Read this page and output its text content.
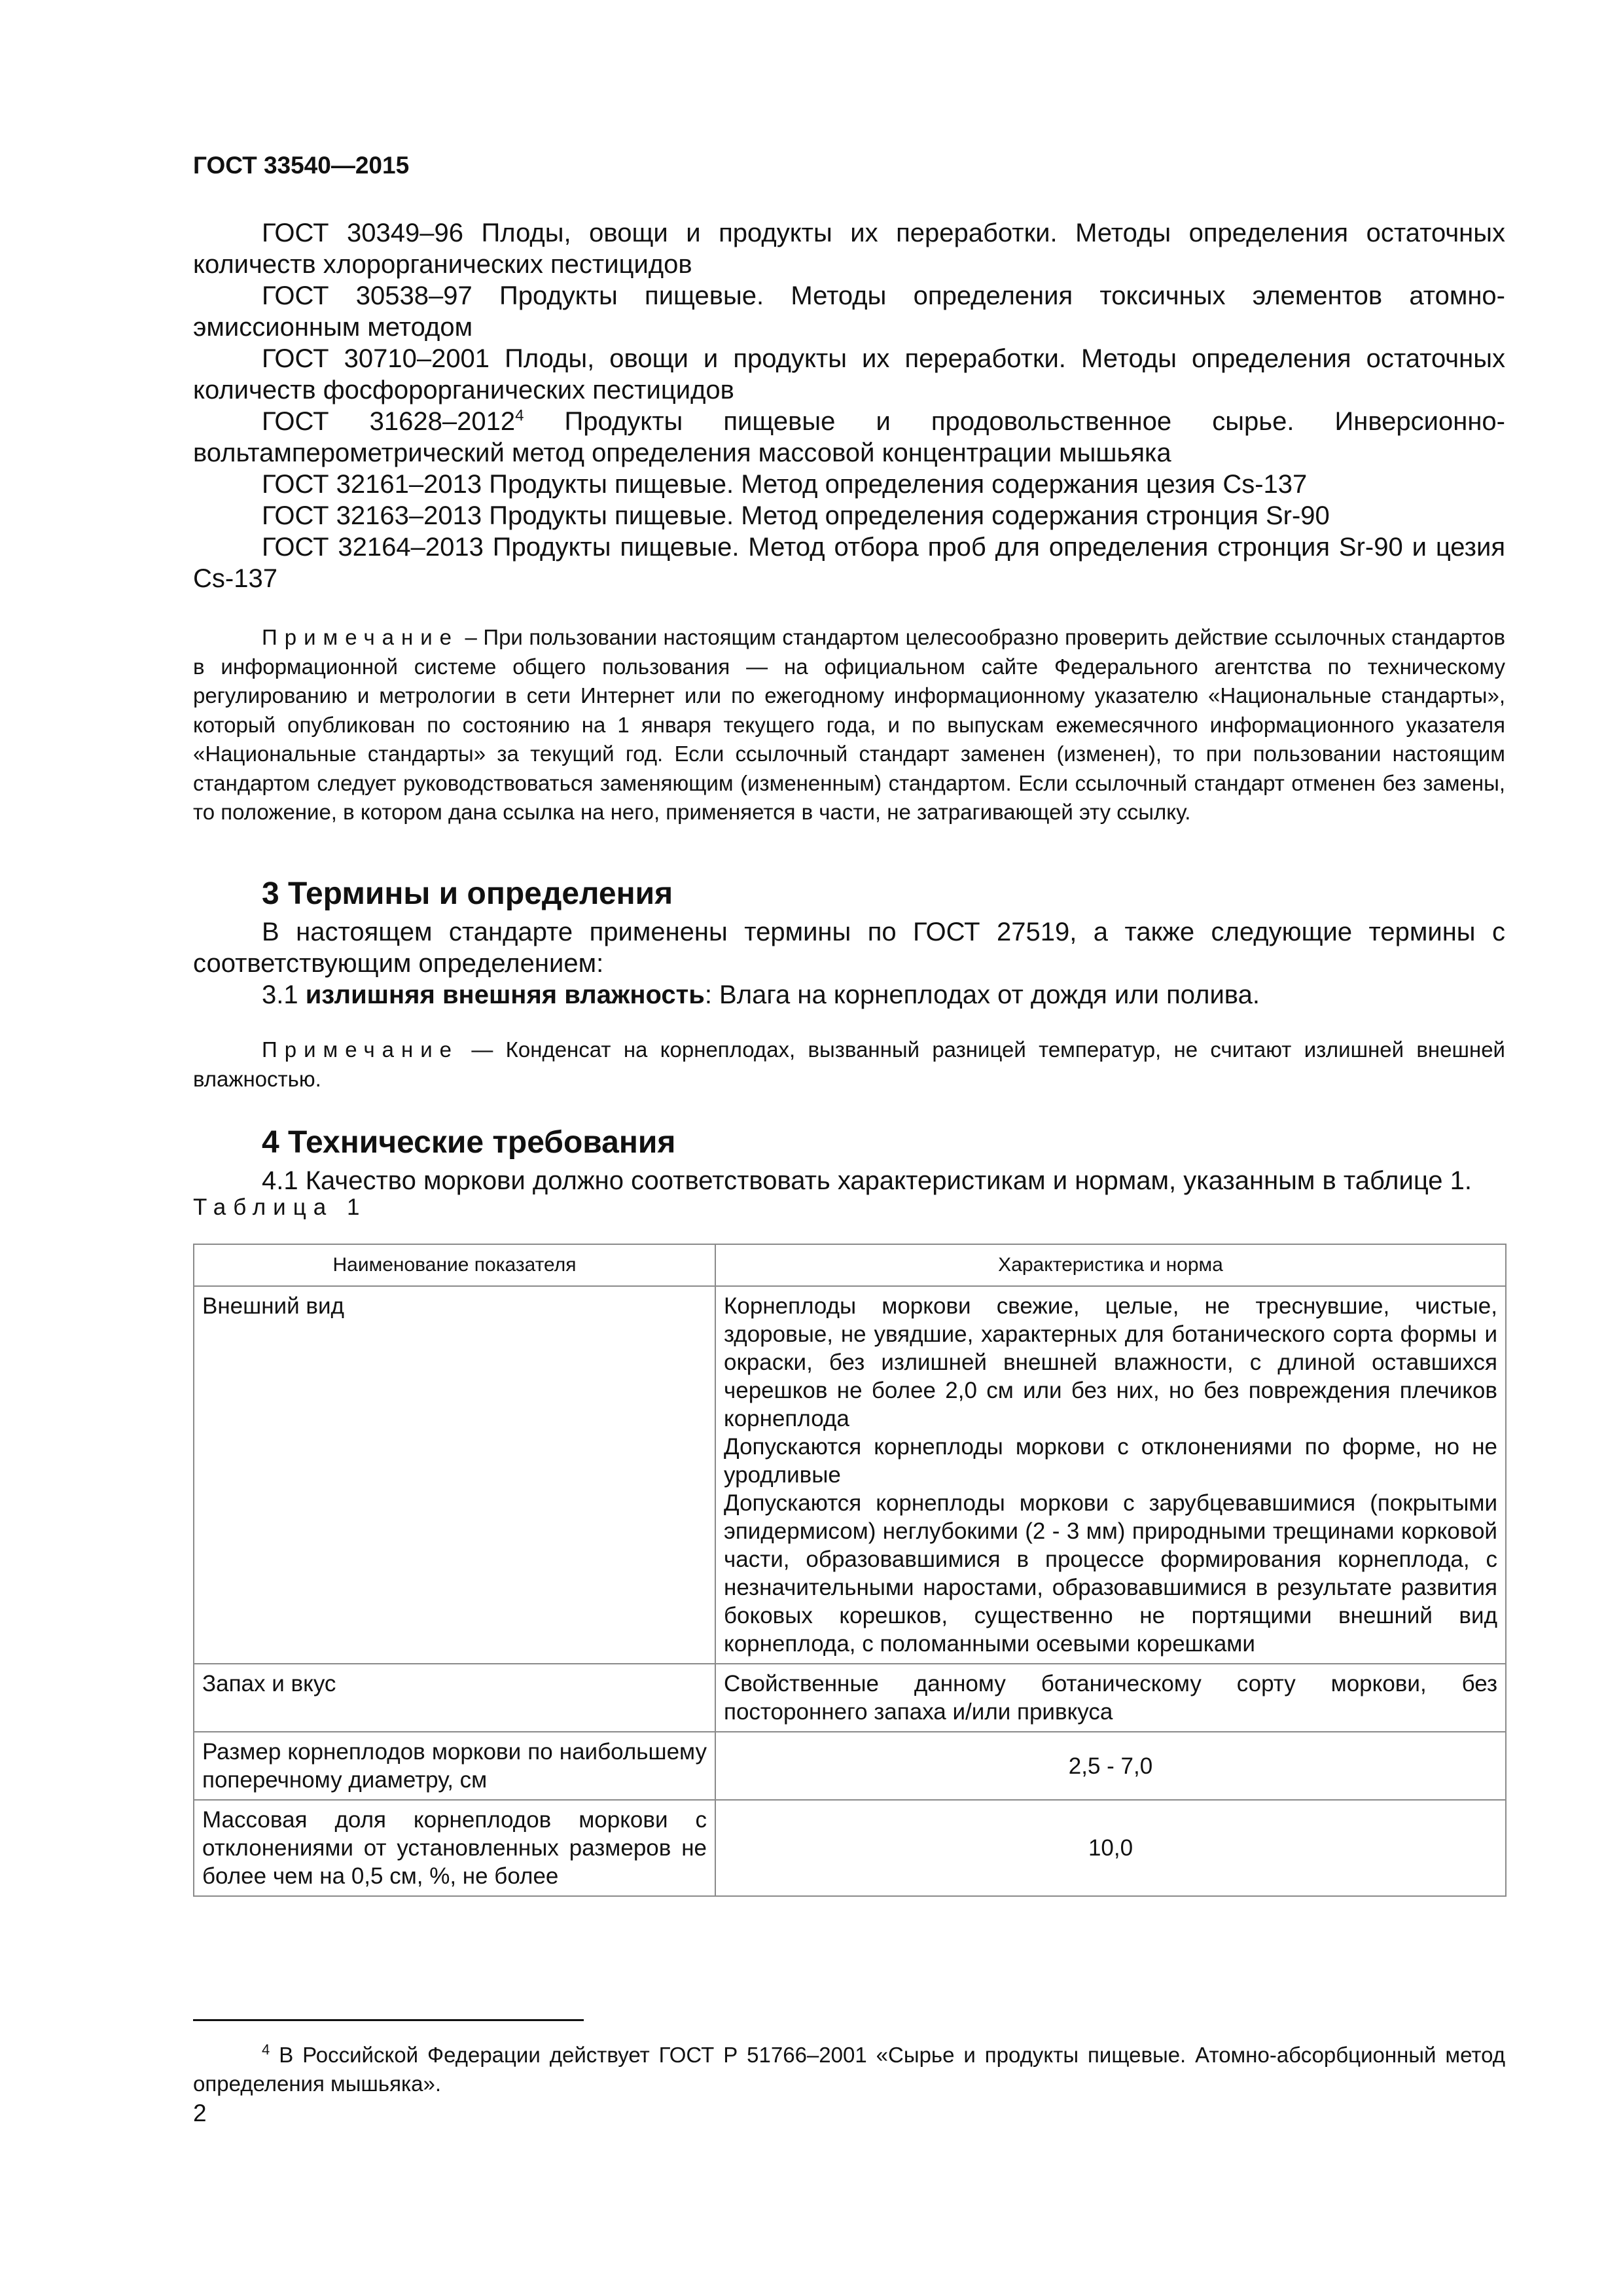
ГОСТ 33540—2015

ГОСТ 30349–96 Плоды, овощи и продукты их переработки. Методы определения остаточных количеств хлорорганических пестицидов

ГОСТ 30538–97 Продукты пищевые. Методы определения токсичных элементов атомно-эмиссионным методом

ГОСТ 30710–2001 Плоды, овощи и продукты их переработки. Методы определения остаточных количеств фосфорорганических пестицидов

ГОСТ 31628–2012$^4$ Продукты пищевые и продовольственное сырье. Инверсионно-вольтамперометрический метод определения массовой концентрации мышьяка

ГОСТ 32161–2013 Продукты пищевые. Метод определения содержания цезия Cs-137

ГОСТ 32163–2013 Продукты пищевые. Метод определения содержания стронция Sr-90

ГОСТ 32164–2013 Продукты пищевые. Метод отбора проб для определения стронция Sr-90 и цезия Cs-137

Примечание – При пользовании настоящим стандартом целесообразно проверить действие ссылочных стандартов в информационной системе общего пользования — на официальном сайте Федерального агентства по техническому регулированию и метрологии в сети Интернет или по ежегодному информационному указателю «Национальные стандарты», который опубликован по состоянию на 1 января текущего года, и по выпускам ежемесячного информационного указателя «Национальные стандарты» за текущий год. Если ссылочный стандарт заменен (изменен), то при пользовании настоящим стандартом следует руководствоваться заменяющим (измененным) стандартом. Если ссылочный стандарт отменен без замены, то положение, в котором дана ссылка на него, применяется в части, не затрагивающей эту ссылку.

3 Термины и определения

В настоящем стандарте применены термины по ГОСТ 27519, а также следующие термины с соответствующим определением:

3.1 излишняя внешняя влажность: Влага на корнеплодах от дождя или полива.

Примечание — Конденсат на корнеплодах, вызванный разницей температур, не считают излишней внешней влажностью.

4 Технические требования

4.1 Качество моркови должно соответствовать характеристикам и нормам, указанным в таблице 1.

Таблица 1

Наименование показателя	Характеристика и норма
Внешний вид	Корнеплоды моркови свежие, целые, не треснувшие, чистые, здоровые, не увядшие, характерных для ботанического сорта формы и окраски, без излишней внешней влажности, с длиной оставшихся черешков не более 2,0 см или без них, но без повреждения плечиков корнеплода
Допускаются корнеплоды моркови с отклонениями по форме, но не уродливые
Допускаются корнеплоды моркови с зарубцевавшимися (покрытыми эпидермисом) неглубокими (2 - 3 мм) природными трещинами корковой части, образовавшимися в процессе формирования корнеплода, с незначительными наростами, образовавшимися в результате развития боковых корешков, существенно не портящими внешний вид корнеплода, с поломанными осевыми корешками

Запах и вкус	Свойственные данному ботаническому сорту моркови, без постороннего запаха и/или привкуса
Размер корнеплодов моркови по наибольшему поперечному диаметру, см	2,5 - 7,0
Массовая доля корнеплодов моркови с отклонениями от установленных размеров не более чем на 0,5 см, %, не более	10,0

$^4$ В Российской Федерации действует ГОСТ Р 51766–2001 «Сырье и продукты пищевые. Атомно-абсорбционный метод определения мышьяка».

2
